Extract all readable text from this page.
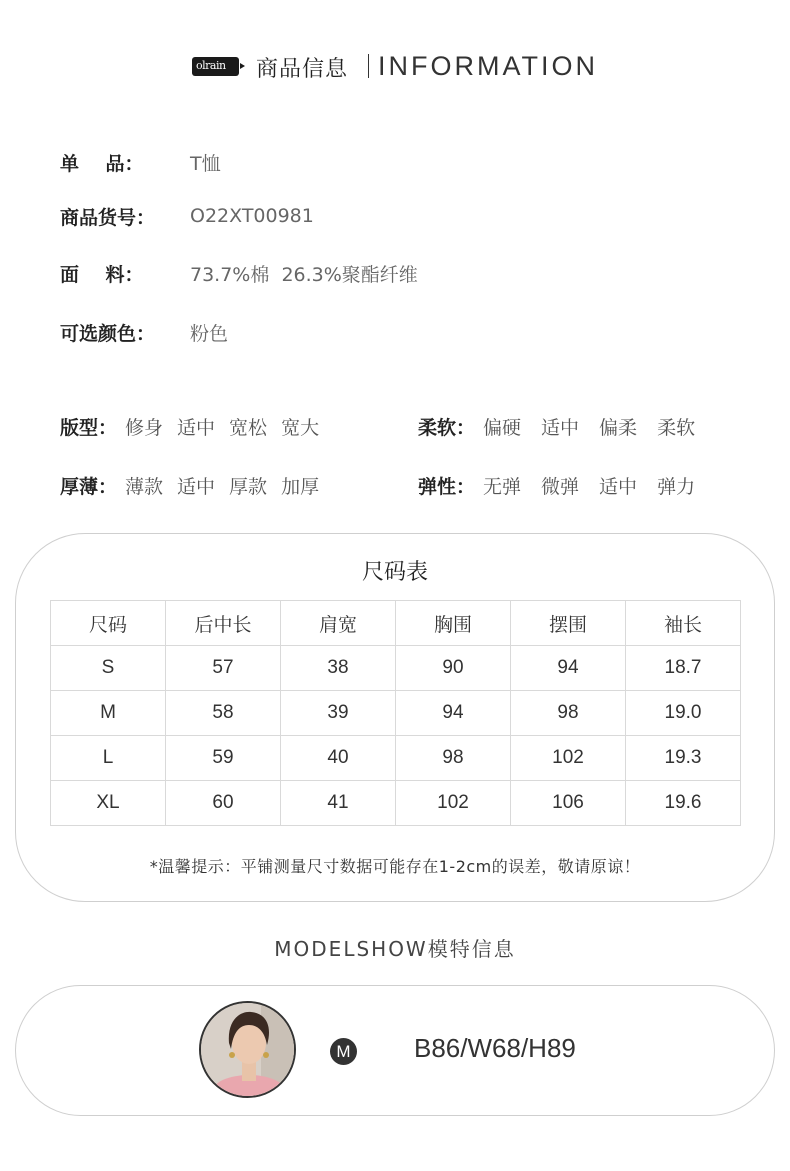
olrain 商品信息 INFORMATION
单    品：	T恤
商品货号：	O22XT00981
面    料：	73.7%棉  26.3%聚酯纤维
可选颜色：	粉色
版型： 修身 适中 宽松 宽大
厚薄： 薄款 适中 厚款 加厚
柔软： 偏硬 适中 偏柔 柔软
弹性： 无弹 微弹 适中 弹力
尺码表
尺码	后中长	肩宽	胸围	摆围	袖长
S	57	38	90	94	18.7
M	58	39	94	98	19.0
L	59	40	98	102	19.3
XL	60	41	102	106	19.6
*温馨提示：平铺测量尺寸数据可能存在1-2cm的误差，敬请原谅！
MODELSHOW模特信息
M B86/W68/H89
